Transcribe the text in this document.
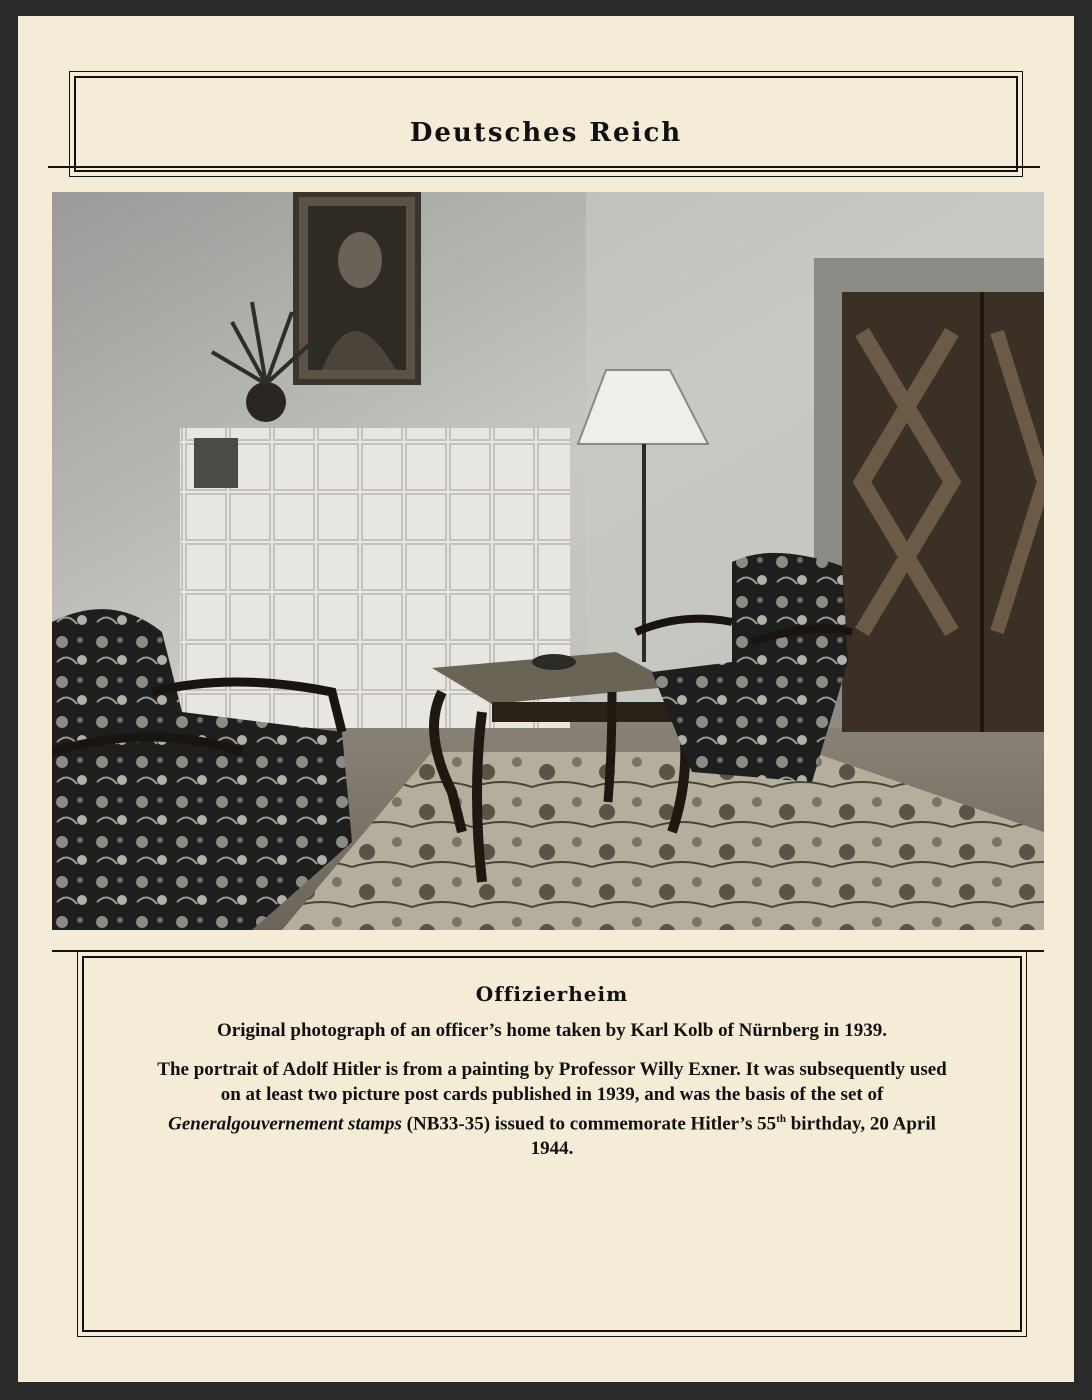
Deutsches Reich
Offizierheim

Original photograph of an officer’s home taken by Karl Kolb of Nürnberg in 1939.

The portrait of Adolf Hitler is from a painting by Professor Willy Exner. It was subsequently used on at least two picture post cards published in 1939, and was the basis of the set of Generalgouvernement stamps (NB33-35) issued to commemorate Hitler’s 55th birthday, 20 April 1944.
